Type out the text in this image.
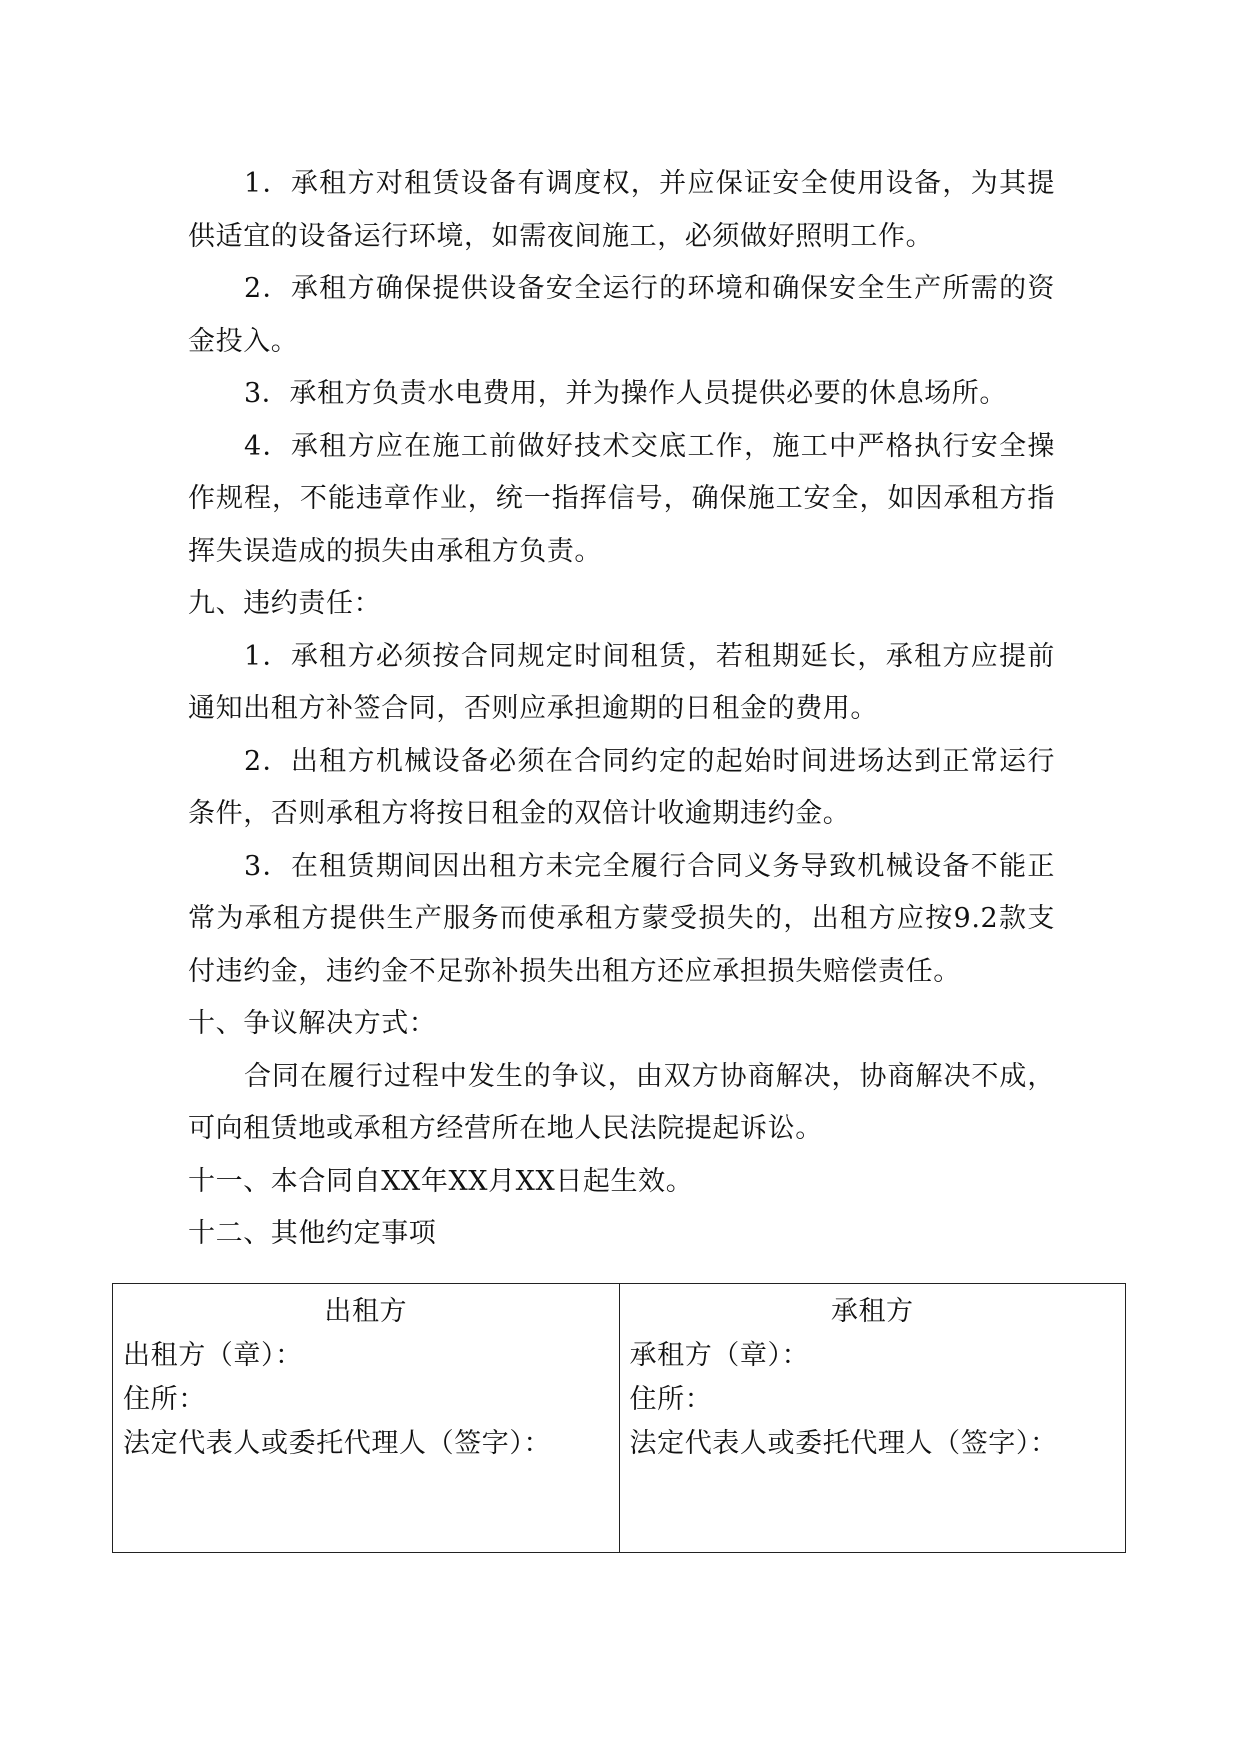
1．承租方对租赁设备有调度权，并应保证安全使用设备，为其提供适宜的设备运行环境，如需夜间施工，必须做好照明工作。

2．承租方确保提供设备安全运行的环境和确保安全生产所需的资金投入。

3．承租方负责水电费用，并为操作人员提供必要的休息场所。

4．承租方应在施工前做好技术交底工作，施工中严格执行安全操作规程，不能违章作业，统一指挥信号，确保施工安全，如因承租方指挥失误造成的损失由承租方负责。

九、违约责任：

1．承租方必须按合同规定时间租赁，若租期延长，承租方应提前通知出租方补签合同，否则应承担逾期的日租金的费用。

2．出租方机械设备必须在合同约定的起始时间进场达到正常运行条件，否则承租方将按日租金的双倍计收逾期违约金。

3．在租赁期间因出租方未完全履行合同义务导致机械设备不能正常为承租方提供生产服务而使承租方蒙受损失的，出租方应按9.2款支付违约金，违约金不足弥补损失出租方还应承担损失赔偿责任。

十、争议解决方式：

合同在履行过程中发生的争议，由双方协商解决，协商解决不成，可向租赁地或承租方经营所在地人民法院提起诉讼。

十一、本合同自XX年XX月XX日起生效。

十二、其他约定事项

出租方
出租方（章）：
住所：
法定代表人或委托代理人（签字）：

承租方
承租方（章）：
住所：
法定代表人或委托代理人（签字）：
